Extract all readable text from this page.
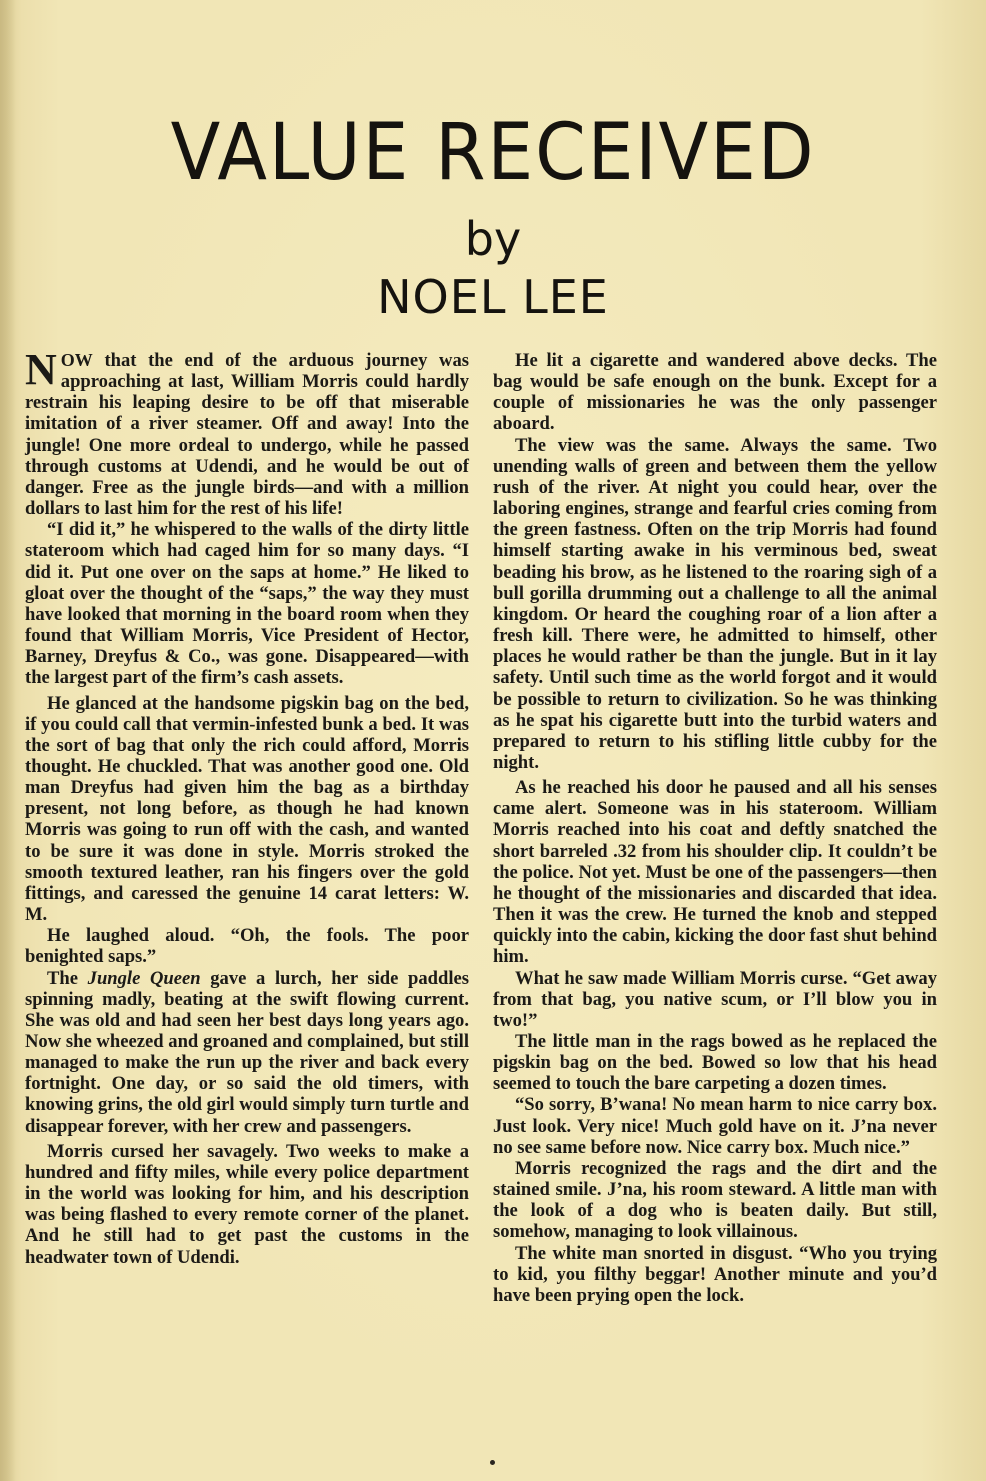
VALUE RECEIVED
by
NOEL LEE

NOW that the end of the arduous journey was approaching at last, William Morris could hardly restrain his leaping desire to be off that miserable imitation of a river steamer. Off and away! Into the jungle! One more ordeal to undergo, while he passed through customs at Udendi, and he would be out of danger. Free as the jungle birds—and with a million dollars to last him for the rest of his life!

“I did it,” he whispered to the walls of the dirty little stateroom which had caged him for so many days. “I did it. Put one over on the saps at home.” He liked to gloat over the thought of the “saps,” the way they must have looked that morning in the board room when they found that William Morris, Vice President of Hector, Barney, Dreyfus & Co., was gone. Disappeared—with the largest part of the firm’s cash assets.

He glanced at the handsome pigskin bag on the bed, if you could call that vermin-infested bunk a bed. It was the sort of bag that only the rich could afford, Morris thought. He chuckled. That was another good one. Old man Dreyfus had given him the bag as a birthday present, not long before, as though he had known Morris was going to run off with the cash, and wanted to be sure it was done in style. Morris stroked the smooth textured leather, ran his fingers over the gold fittings, and caressed the genuine 14 carat letters: W. M.

He laughed aloud. “Oh, the fools. The poor benighted saps.”

The Jungle Queen gave a lurch, her side paddles spinning madly, beating at the swift flowing current. She was old and had seen her best days long years ago. Now she wheezed and groaned and complained, but still managed to make the run up the river and back every fortnight. One day, or so said the old timers, with knowing grins, the old girl would simply turn turtle and disappear forever, with her crew and passengers.

Morris cursed her savagely. Two weeks to make a hundred and fifty miles, while every police department in the world was looking for him, and his description was being flashed to every remote corner of the planet. And he still had to get past the customs in the headwater town of Udendi.

He lit a cigarette and wandered above decks. The bag would be safe enough on the bunk. Except for a couple of missionaries he was the only passenger aboard.

The view was the same. Always the same. Two unending walls of green and between them the yellow rush of the river. At night you could hear, over the laboring engines, strange and fearful cries coming from the green fastness. Often on the trip Morris had found himself starting awake in his verminous bed, sweat beading his brow, as he listened to the roaring sigh of a bull gorilla drumming out a challenge to all the animal kingdom. Or heard the coughing roar of a lion after a fresh kill. There were, he admitted to himself, other places he would rather be than the jungle. But in it lay safety. Until such time as the world forgot and it would be possible to return to civilization. So he was thinking as he spat his cigarette butt into the turbid waters and prepared to return to his stifling little cubby for the night.

As he reached his door he paused and all his senses came alert. Someone was in his stateroom. William Morris reached into his coat and deftly snatched the short barreled .32 from his shoulder clip. It couldn’t be the police. Not yet. Must be one of the passengers—then he thought of the missionaries and discarded that idea. Then it was the crew. He turned the knob and stepped quickly into the cabin, kicking the door fast shut behind him.

What he saw made William Morris curse. “Get away from that bag, you native scum, or I’ll blow you in two!”

The little man in the rags bowed as he replaced the pigskin bag on the bed. Bowed so low that his head seemed to touch the bare carpeting a dozen times.

“So sorry, B’wana! No mean harm to nice carry box. Just look. Very nice! Much gold have on it. J’na never no see same before now. Nice carry box. Much nice.”

Morris recognized the rags and the dirt and the stained smile. J’na, his room steward. A little man with the look of a dog who is beaten daily. But still, somehow, managing to look villainous.

The white man snorted in disgust. “Who you trying to kid, you filthy beggar! Another minute and you’d have been prying open the lock.
